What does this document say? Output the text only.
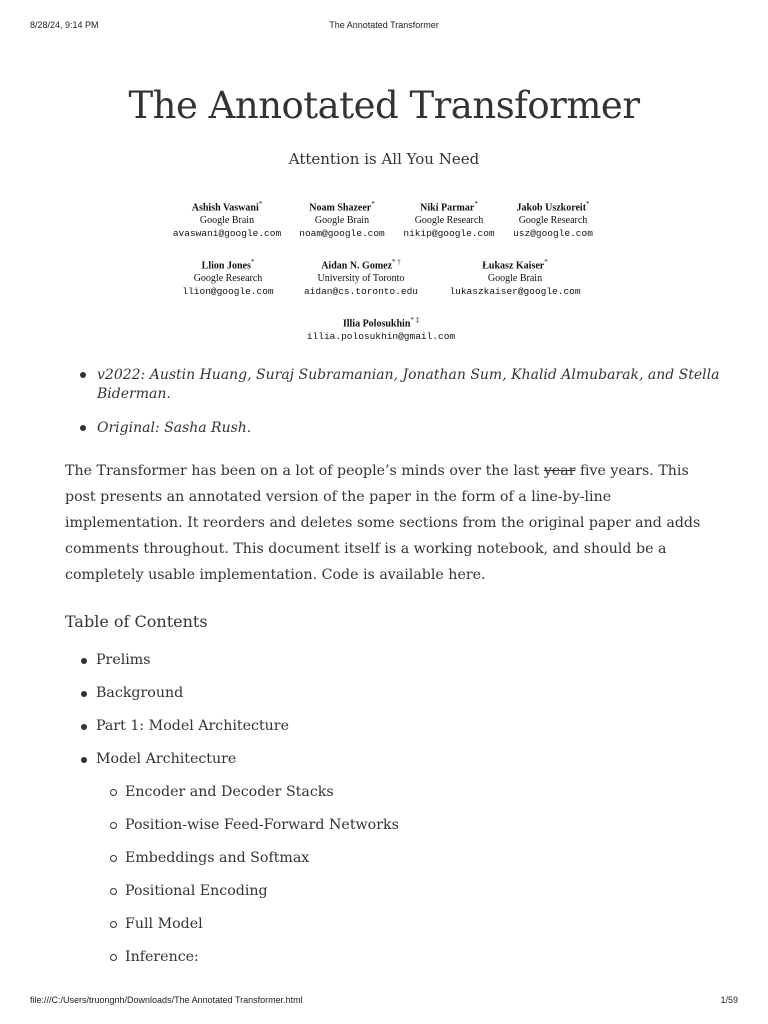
8/28/24, 9:14 PM	The Annotated Transformer
The Annotated Transformer
Attention is All You Need
Ashish Vaswani*
Google Brain
avaswani@google.com
Noam Shazeer*
Google Brain
noam@google.com
Niki Parmar*
Google Research
nikip@google.com
Jakob Uszkoreit*
Google Research
usz@google.com
Llion Jones*
Google Research
llion@google.com
Aidan N. Gomez* †
University of Toronto
aidan@cs.toronto.edu
Łukasz Kaiser*
Google Brain
lukaszkaiser@google.com
Illia Polosukhin* ‡
illia.polosukhin@gmail.com
v2022: Austin Huang, Suraj Subramanian, Jonathan Sum, Khalid Almubarak, and Stella Biderman.
Original: Sasha Rush.

The Transformer has been on a lot of people’s minds over the last year five years. This post presents an annotated version of the paper in the form of a line-by-line implementation. It reorders and deletes some sections from the original paper and adds comments throughout. This document itself is a working notebook, and should be a completely usable implementation. Code is available here.

Table of Contents
Prelims
Background
Part 1: Model Architecture
Model Architecture
Encoder and Decoder Stacks
Position-wise Feed-Forward Networks
Embeddings and Softmax
Positional Encoding
Full Model
Inference:
file:///C:/Users/truongnh/Downloads/The Annotated Transformer.html	1/59
